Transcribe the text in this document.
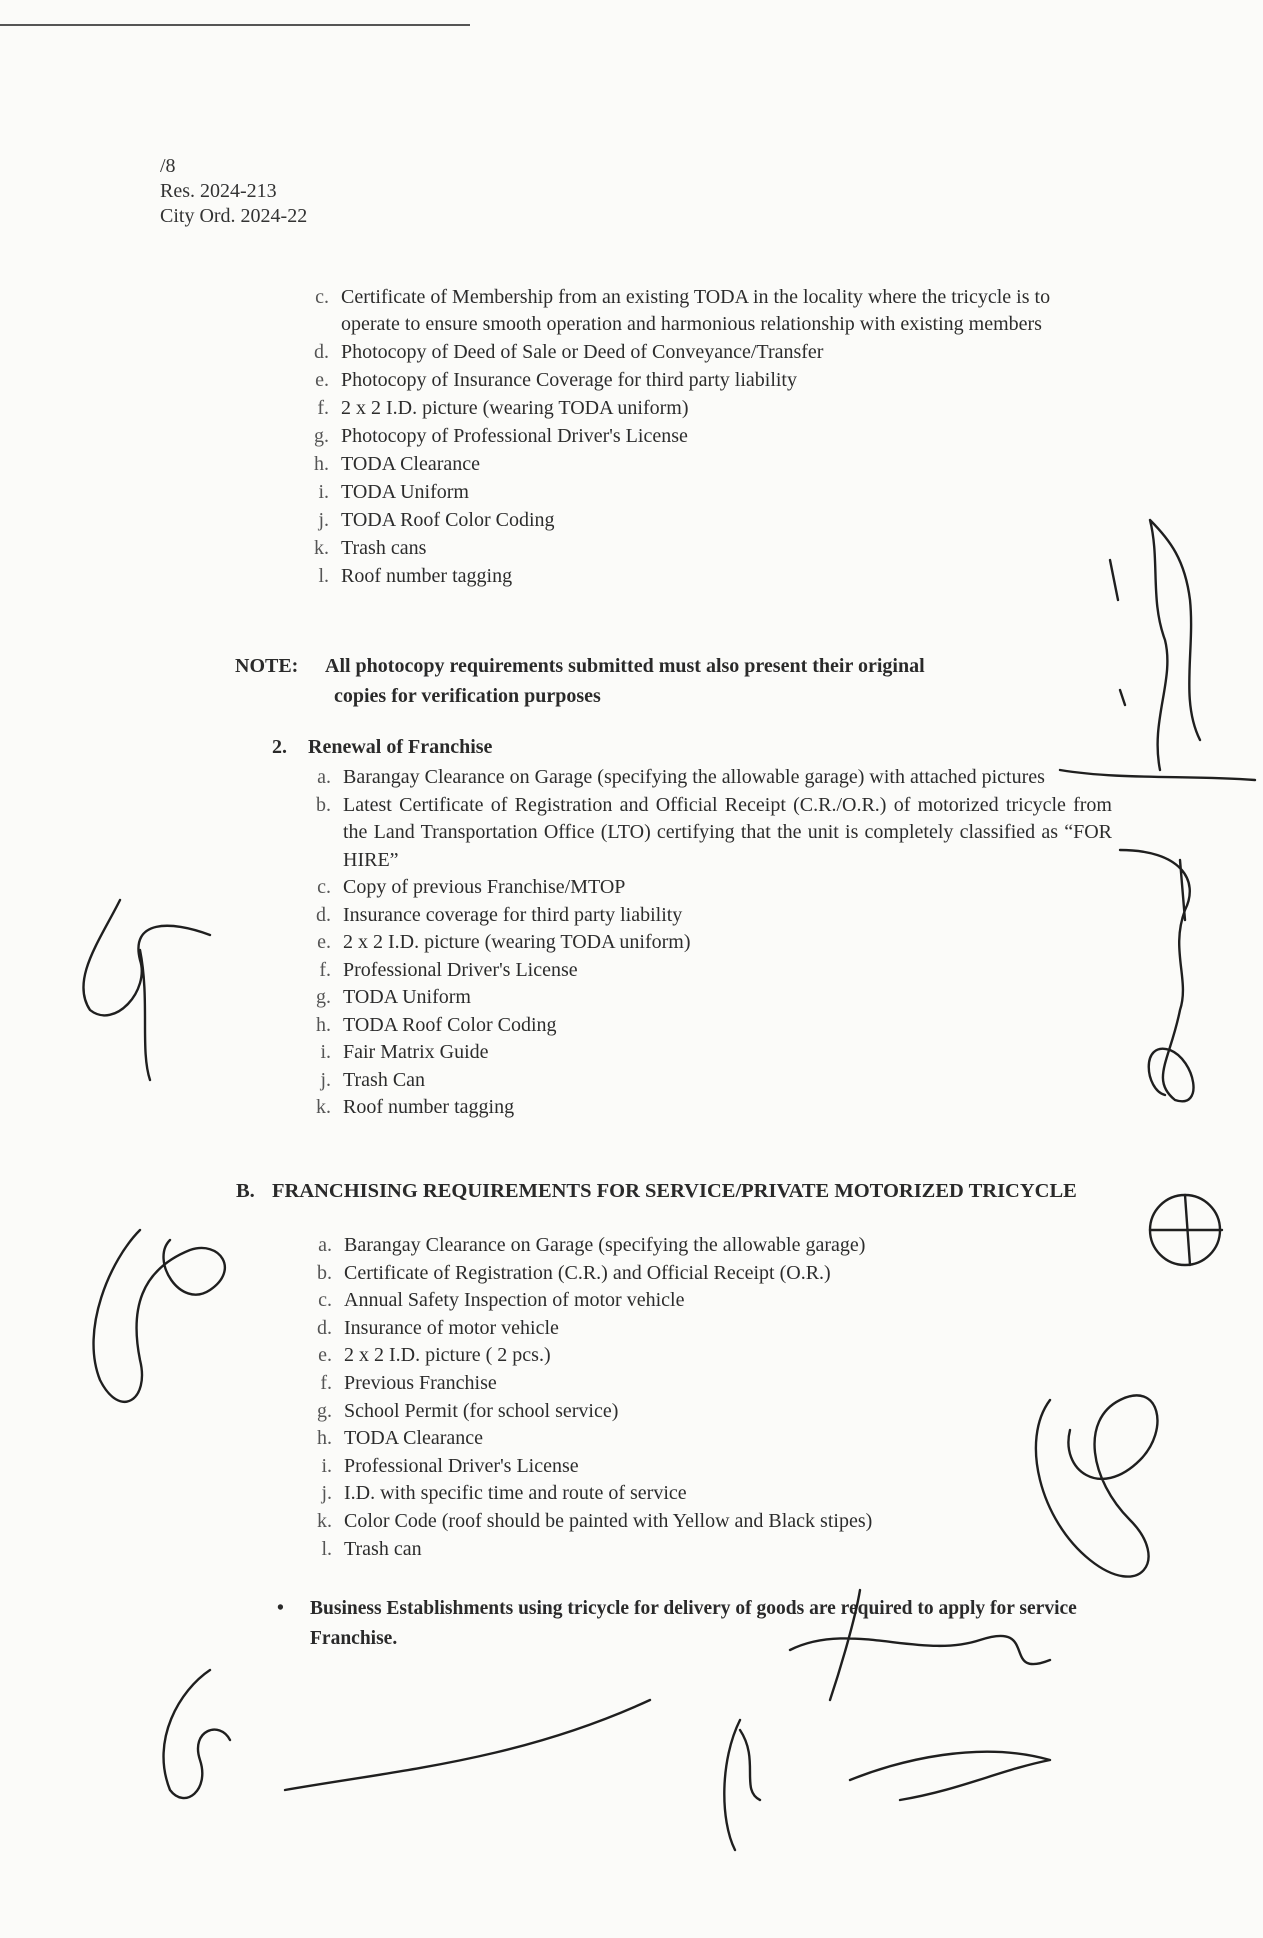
/8
Res. 2024-213
City Ord. 2024-22
c. Certificate of Membership from an existing TODA in the locality where the tricycle is to operate to ensure smooth operation and harmonious relationship with existing members
d. Photocopy of Deed of Sale or Deed of Conveyance/Transfer
e. Photocopy of Insurance Coverage for third party liability
f. 2 x 2 I.D. picture (wearing TODA uniform)
g. Photocopy of Professional Driver's License
h. TODA Clearance
i. TODA Uniform
j. TODA Roof Color Coding
k. Trash cans
l. Roof number tagging
NOTE: All photocopy requirements submitted must also present their original
copies for verification purposes
2. Renewal of Franchise
a. Barangay Clearance on Garage (specifying the allowable garage) with attached pictures
b. Latest Certificate of Registration and Official Receipt (C.R./O.R.) of motorized tricycle from the Land Transportation Office (LTO) certifying that the unit is completely classified as “FOR HIRE”
c. Copy of previous Franchise/MTOP
d. Insurance coverage for third party liability
e. 2 x 2 I.D. picture (wearing TODA uniform)
f. Professional Driver's License
g. TODA Uniform
h. TODA Roof Color Coding
i. Fair Matrix Guide
j. Trash Can
k. Roof number tagging
B. FRANCHISING REQUIREMENTS FOR SERVICE/PRIVATE MOTORIZED TRICYCLE
a. Barangay Clearance on Garage (specifying the allowable garage)
b. Certificate of Registration (C.R.) and Official Receipt (O.R.)
c. Annual Safety Inspection of motor vehicle
d. Insurance of motor vehicle
e. 2 x 2 I.D. picture ( 2 pcs.)
f. Previous Franchise
g. School Permit (for school service)
h. TODA Clearance
i. Professional Driver's License
j. I.D. with specific time and route of service
k. Color Code (roof should be painted with Yellow and Black stipes)
l. Trash can
• Business Establishments using tricycle for delivery of goods are required to apply for service Franchise.
